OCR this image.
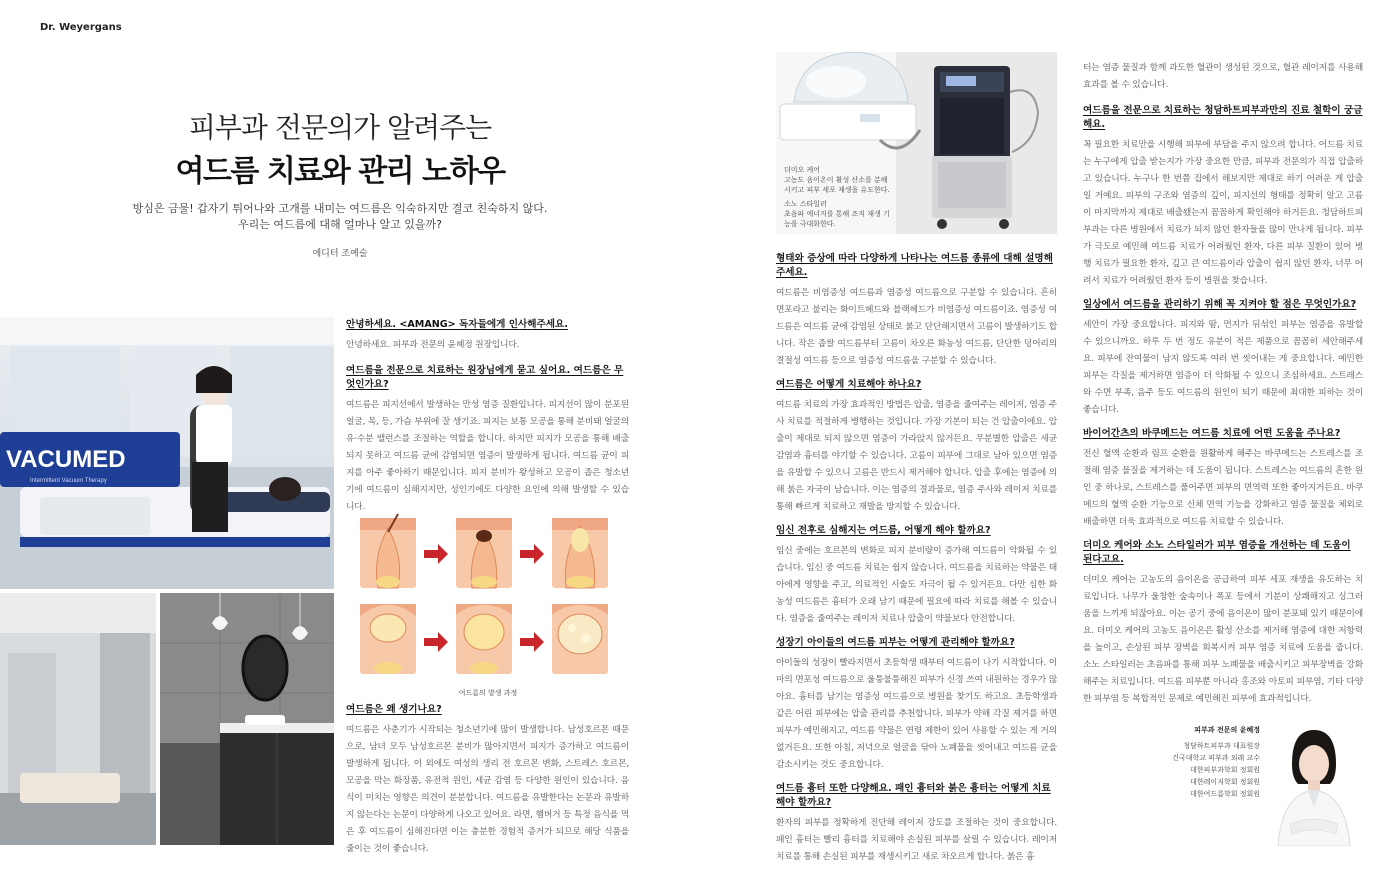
Dr. Weyergans
피부과 전문의가 알려주는
여드름 치료와 관리 노하우
방심은 금물! 갑자기 튀어나와 고개를 내미는 여드름은 익숙하지만 결코 친숙하지 않다.
우리는 여드름에 대해 얼마나 알고 있을까?
에디터 조예슬
VACUMED
Intermittent Vacuum Therapy
안녕하세요. <AMANG> 독자들에게 인사해주세요.
안녕하세요. 피부과 전문의 윤혜정 원장입니다.
여드름을 전문으로 치료하는 원장님에게 묻고 싶어요. 여드름은 무엇인가요?
여드름은 피지선에서 발생하는 만성 염증 질환입니다. 피지선이 많이 분포된 얼굴, 목, 등, 가슴 부위에 잘 생기죠. 피지는 보통 모공을 통해 분비돼 얼굴의 유·수분 밸런스를 조절하는 역할을 합니다. 하지만 피지가 모공을 통해 배출되지 못하고 여드름 균에 감염되면 염증이 발생하게 됩니다. 여드름 균이 피지를 아주 좋아하기 때문입니다. 피지 분비가 왕성하고 모공이 좁은 청소년기에 여드름이 심해지지만, 성인기에도 다양한 요인에 의해 발생할 수 있습니다.
여드름의 발생 과정
여드름은 왜 생기나요?
여드름은 사춘기가 시작되는 청소년기에 많이 발생합니다. 남성호르몬 때문으로, 남녀 모두 남성호르몬 분비가 많아지면서 피지가 증가하고 여드름이 발생하게 됩니다. 이 외에도 여성의 생리 전 호르몬 변화, 스트레스 호르몬, 모공을 막는 화장품, 유전적 원인, 세균 감염 등 다양한 원인이 있습니다. 음식이 미치는 영향은 의견이 분분합니다. 여드름을 유발한다는 논문과 유발하지 않는다는 논문이 다양하게 나오고 있어요. 라면, 햄버거 등 특정 음식을 먹은 후 여드름이 심해진다면 이는 충분한 경험적 증거가 되므로 해당 식품을 줄이는 것이 좋습니다.
더미오 케어
고농도 음이온이 활성 산소를 분해
시키고 피부 세포 재생을 유도한다.
소노 스타일러
초음파 에너지를 통해 조직 재생 기
능을 극대화한다.
형태와 증상에 따라 다양하게 나타나는 여드름 종류에 대해 설명해주세요.
여드름은 비염증성 여드름과 염증성 여드름으로 구분할 수 있습니다. 흔히 면포라고 불리는 화이트헤드와 블랙헤드가 비염증성 여드름이죠. 염증성 여드름은 여드름 균에 감염된 상태로 붉고 단단해지면서 고름이 발생하기도 합니다. 작은 좁쌀 여드름부터 고름이 차오른 화농성 여드름, 단단한 덩어리의 결절성 여드름 등으로 염증성 여드름을 구분할 수 있습니다.
여드름은 어떻게 치료해야 하나요?
여드름 치료의 가장 효과적인 방법은 압출, 염증을 줄여주는 레이저, 염증 주사 치료를 적절하게 병행하는 것입니다. 가장 기본이 되는 건 압출이에요. 압출이 제대로 되지 않으면 염증이 가라앉지 않거든요. 무분별한 압출은 세균 감염과 흉터를 야기할 수 있습니다. 고름이 피부에 그대로 남아 있으면 염증을 유발할 수 있으니 고름은 반드시 제거해야 합니다. 압출 후에는 염증에 의해 붉은 자국이 남습니다. 이는 염증의 결과물로, 염증 주사와 레이저 치료를 통해 빠르게 치료하고 재발을 방지할 수 있습니다.
임신 전후로 심해지는 여드름, 어떻게 해야 할까요?
임신 중에는 호르몬의 변화로 피지 분비량이 증가해 여드름이 악화될 수 있습니다. 임신 중 여드름 치료는 쉽지 않습니다. 여드름을 치료하는 약물은 태아에게 영향을 주고, 의료적인 시술도 자극이 될 수 있거든요. 다만 심한 화농성 여드름은 흉터가 오래 남기 때문에 필요에 따라 치료를 해볼 수 있습니다. 염증을 줄여주는 레이저 치료나 압출이 약물보다 안전합니다.
성장기 아이들의 여드름 피부는 어떻게 관리해야 할까요?
아이들의 성장이 빨라지면서 초등학생 때부터 여드름이 나기 시작합니다. 이마의 면포성 여드름으로 울퉁불퉁해진 피부가 신경 쓰여 내원하는 경우가 많아요. 흉터를 남기는 염증성 여드름으로 병원을 찾기도 하고요. 초등학생과 같은 어린 피부에는 압출 관리를 추천합니다. 피부가 약해 각질 제거를 하면 피부가 예민해지고, 여드름 약물은 연령 제한이 있어 사용할 수 있는 게 거의 없거든요. 또한 아침, 저녁으로 얼굴을 닦아 노폐물을 씻어내고 여드름 균을 감소시키는 것도 중요합니다.
여드름 흉터 또한 다양해요. 패인 흉터와 붉은 흉터는 어떻게 치료해야 할까요?
환자의 피부를 정확하게 진단해 레이저 강도를 조절하는 것이 중요합니다. 패인 흉터는 빨리 흉터를 치료해야 손실된 피부를 살릴 수 있습니다. 레이저 치료를 통해 손실된 피부를 재생시키고 새로 차오르게 합니다. 붉은 흉
터는 염증 물질과 함께 과도한 혈관이 생성된 것으로, 혈관 레이저를 사용해 효과를 볼 수 있습니다.
여드름을 전문으로 치료하는 청담하트피부과만의 진료 철학이 궁금해요.
꼭 필요한 치료만을 시행해 피부에 부담을 주지 않으려 합니다. 어드름 치료는 누구에게 압출 받는지가 가장 중요한 만큼, 피부과 전문의가 직접 압출하고 있습니다. 누구나 한 번쯤 집에서 해보지만 제대로 하기 어려운 게 압출일 거예요. 피부의 구조와 염증의 깊이, 피지선의 형태를 정확히 알고 고름이 마지막까지 제대로 배출됐는지 꼼꼼하게 확인해야 하거든요. 청담하트피부과는 다른 병원에서 치료가 되지 않던 환자들을 많이 만나게 됩니다. 피부가 극도로 예민해 여드름 치료가 어려웠던 환자, 다른 피부 질환이 있어 병행 치료가 필요한 환자, 깊고 큰 여드름이라 압출이 쉽지 않던 환자, 너무 어려서 치료가 어려웠던 환자 등이 병원을 찾습니다.
일상에서 여드름을 관리하기 위해 꼭 지켜야 할 점은 무엇인가요?
세안이 가장 중요합니다. 피지와 땀, 먼지가 뒤섞인 피부는 염증을 유발할 수 있으니까요. 하루 두 번 정도 유분이 적은 제품으로 꼼꼼히 세안해주세요. 피부에 잔여물이 남지 않도록 여러 번 씻어내는 게 중요합니다. 예민한 피부는 각질을 제거하면 염증이 더 악화될 수 있으니 조심하세요. 스트레스와 수면 부족, 음주 등도 여드름의 원인이 되기 때문에 최대한 피하는 것이 좋습니다.
바이어간츠의 바쿠메드는 여드름 치료에 어떤 도움을 주나요?
전신 혈액 순환과 림프 순환을 원활하게 해주는 바쿠메드는 스트레스를 조절해 염증 물질을 제거하는 데 도움이 됩니다. 스트레스는 여드름의 흔한 원인 중 하나로, 스트레스를 풀어주면 피부의 면역력 또한 좋아지거든요. 바쿠메드의 혈액 순환 기능으로 신체 면역 기능을 강화하고 염증 물질을 체외로 배출하면 더욱 효과적으로 여드름 치료할 수 있습니다.
더미오 케어와 소노 스타일러가 피부 염증을 개선하는 데 도움이 된다고요.
더미오 케어는 고농도의 음이온을 공급하여 피부 세포 재생을 유도하는 치료입니다. 나무가 울창한 숲속이나 폭포 등에서 기분이 상쾌해지고 싱그러움을 느끼게 되잖아요. 이는 공기 중에 음이온이 많이 분포돼 있기 때문이에요. 더미오 케어의 고농도 음이온은 활성 산소를 제거해 염증에 대한 저항력을 높이고, 손상된 피부 장벽을 회복시켜 피부 염증 치료에 도움을 줍니다. 소노 스타일러는 초음파를 통해 피부 노폐물을 배출시키고 피부장벽을 강화해주는 치료입니다. 여드름 피부뿐 아니라 홍조와 아토피 피부염, 기타 다양한 피부염 등 복합적인 문제로 예민해진 피부에 효과적입니다.
피부과 전문의 윤혜정
청담하트피부과 대표원장
건국대학교 피부과 외래 교수
대한피부과학회 정회원
대한레이저학회 정회원
대한여드름학회 정회원
